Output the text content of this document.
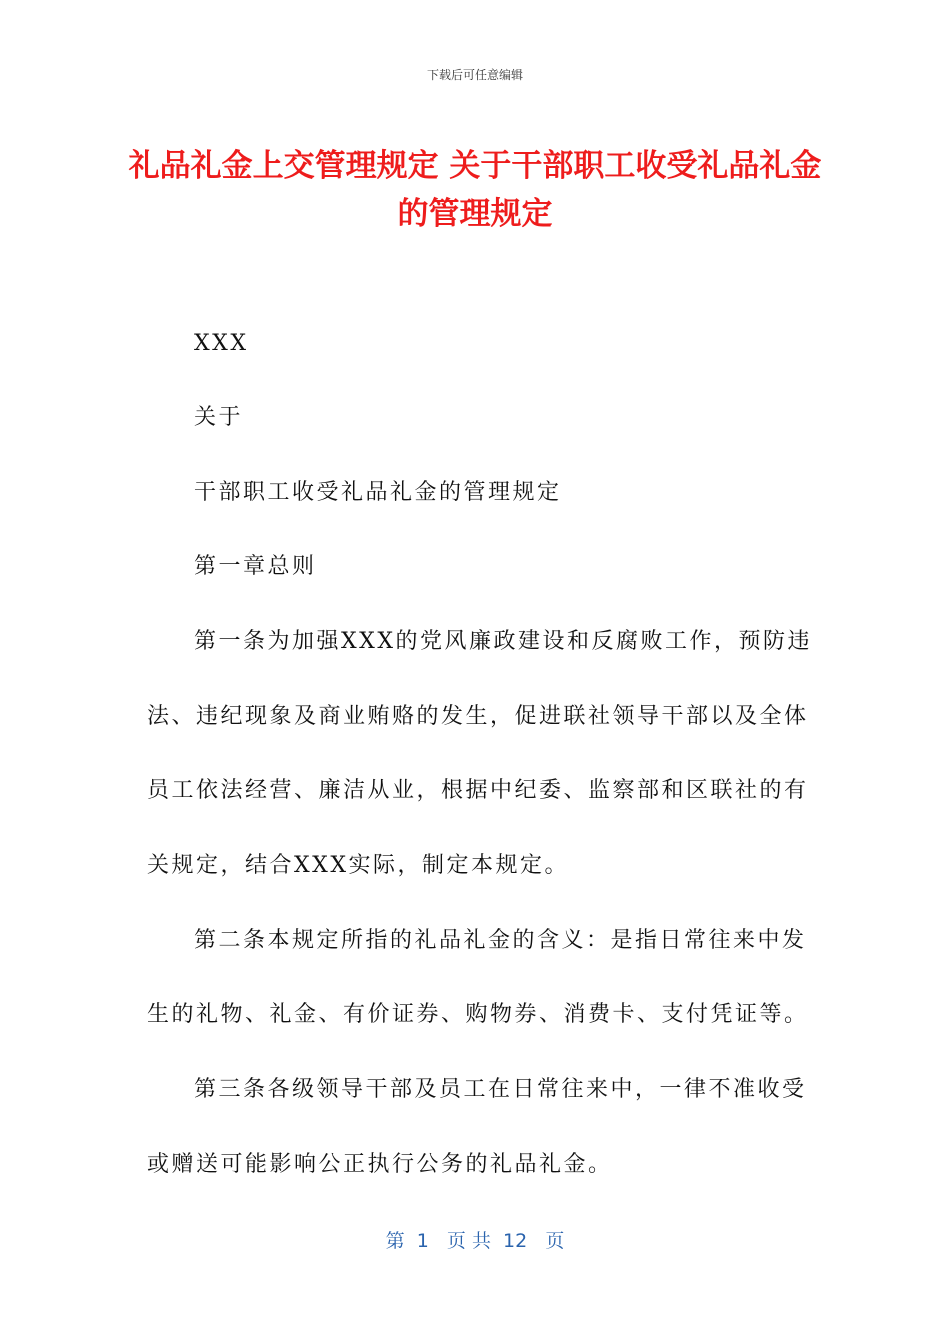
下载后可任意编辑
礼品礼金上交管理规定 关于干部职工收受礼品礼金的管理规定
XXX
关于
干部职工收受礼品礼金的管理规定
第一章总则
第一条为加强XXX的党风廉政建设和反腐败工作，预防违
法、违纪现象及商业贿赂的发生，促进联社领导干部以及全体
员工依法经营、廉洁从业，根据中纪委、监察部和区联社的有
关规定，结合XXX实际，制定本规定。
第二条本规定所指的礼品礼金的含义：是指日常往来中发
生的礼物、礼金、有价证券、购物券、消费卡、支付凭证等。
第三条各级领导干部及员工在日常往来中，一律不准收受
或赠送可能影响公正执行公务的礼品礼金。
第  1   页 共  12   页
